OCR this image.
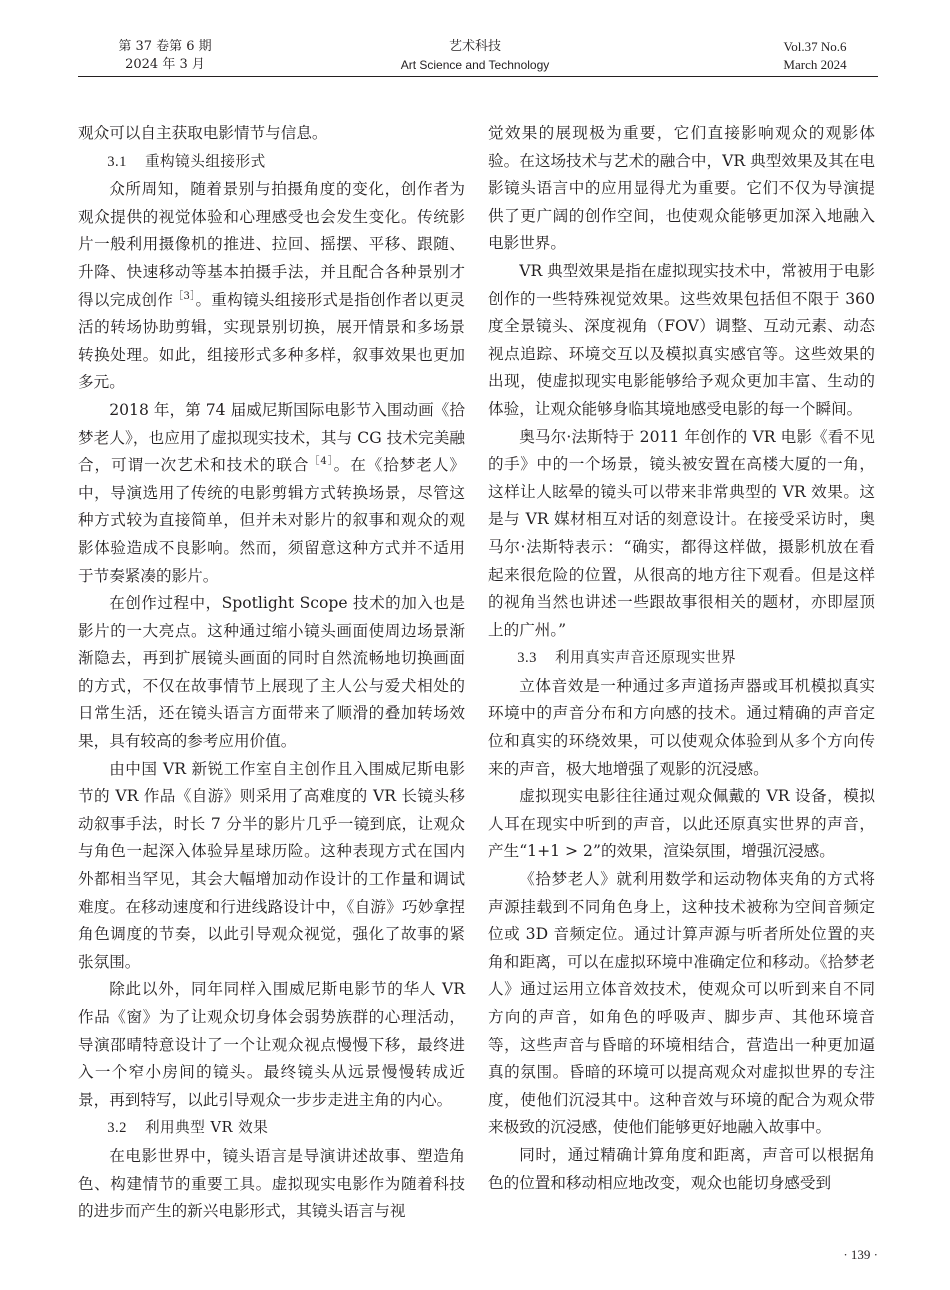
第 37 卷第 6 期
2024 年 3 月
艺术科技
Art Science and Technology
Vol.37 No.6
March 2024

观众可以自主获取电影情节与信息。

3.1 重构镜头组接形式

众所周知，随着景别与拍摄角度的变化，创作者为观众提供的视觉体验和心理感受也会发生变化。传统影片一般利用摄像机的推进、拉回、摇摆、平移、跟随、升降、快速移动等基本拍摄手法，并且配合各种景别才得以完成创作$^{[3]}$。重构镜头组接形式是指创作者以更灵活的转场协助剪辑，实现景别切换，展开情景和多场景转换处理。如此，组接形式多种多样，叙事效果也更加多元。

2018 年，第 74 届威尼斯国际电影节入围动画《拾梦老人》，也应用了虚拟现实技术，其与 CG 技术完美融合，可谓一次艺术和技术的联合$^{[4]}$。在《拾梦老人》中，导演选用了传统的电影剪辑方式转换场景，尽管这种方式较为直接简单，但并未对影片的叙事和观众的观影体验造成不良影响。然而，须留意这种方式并不适用于节奏紧凑的影片。

在创作过程中，Spotlight Scope 技术的加入也是影片的一大亮点。这种通过缩小镜头画面使周边场景渐渐隐去，再到扩展镜头画面的同时自然流畅地切换画面的方式，不仅在故事情节上展现了主人公与爱犬相处的日常生活，还在镜头语言方面带来了顺滑的叠加转场效果，具有较高的参考应用价值。

由中国 VR 新锐工作室自主创作且入围威尼斯电影节的 VR 作品《自游》则采用了高难度的 VR 长镜头移动叙事手法，时长 7 分半的影片几乎一镜到底，让观众与角色一起深入体验异星球历险。这种表现方式在国内外都相当罕见，其会大幅增加动作设计的工作量和调试难度。在移动速度和行进线路设计中，《自游》巧妙拿捏角色调度的节奏，以此引导观众视觉，强化了故事的紧张氛围。

除此以外，同年同样入围威尼斯电影节的华人 VR 作品《窗》为了让观众切身体会弱势族群的心理活动，导演邵晴特意设计了一个让观众视点慢慢下移，最终进入一个窄小房间的镜头。最终镜头从远景慢慢转成近景，再到特写，以此引导观众一步步走进主角的内心。

3.2 利用典型 VR 效果

在电影世界中，镜头语言是导演讲述故事、塑造角色、构建情节的重要工具。虚拟现实电影作为随着科技的进步而产生的新兴电影形式，其镜头语言与视

觉效果的展现极为重要，它们直接影响观众的观影体验。在这场技术与艺术的融合中，VR 典型效果及其在电影镜头语言中的应用显得尤为重要。它们不仅为导演提供了更广阔的创作空间，也使观众能够更加深入地融入电影世界。

VR 典型效果是指在虚拟现实技术中，常被用于电影创作的一些特殊视觉效果。这些效果包括但不限于 360 度全景镜头、深度视角（FOV）调整、互动元素、动态视点追踪、环境交互以及模拟真实感官等。这些效果的出现，使虚拟现实电影能够给予观众更加丰富、生动的体验，让观众能够身临其境地感受电影的每一个瞬间。

奥马尔·法斯特于 2011 年创作的 VR 电影《看不见的手》中的一个场景，镜头被安置在高楼大厦的一角，这样让人眩晕的镜头可以带来非常典型的 VR 效果。这是与 VR 媒材相互对话的刻意设计。在接受采访时，奥马尔·法斯特表示：“确实，都得这样做，摄影机放在看起来很危险的位置，从很高的地方往下观看。但是这样的视角当然也讲述一些跟故事很相关的题材，亦即屋顶上的广州。”

3.3 利用真实声音还原现实世界

立体音效是一种通过多声道扬声器或耳机模拟真实环境中的声音分布和方向感的技术。通过精确的声音定位和真实的环绕效果，可以使观众体验到从多个方向传来的声音，极大地增强了观影的沉浸感。

虚拟现实电影往往通过观众佩戴的 VR 设备，模拟人耳在现实中听到的声音，以此还原真实世界的声音，产生“1+1 > 2”的效果，渲染氛围，增强沉浸感。

《拾梦老人》就利用数学和运动物体夹角的方式将声源挂载到不同角色身上，这种技术被称为空间音频定位或 3D 音频定位。通过计算声源与听者所处位置的夹角和距离，可以在虚拟环境中准确定位和移动。《拾梦老人》通过运用立体音效技术，使观众可以听到来自不同方向的声音，如角色的呼吸声、脚步声、其他环境音等，这些声音与昏暗的环境相结合，营造出一种更加逼真的氛围。昏暗的环境可以提高观众对虚拟世界的专注度，使他们沉浸其中。这种音效与环境的配合为观众带来极致的沉浸感，使他们能够更好地融入故事中。

同时，通过精确计算角度和距离，声音可以根据角色的位置和移动相应地改变，观众也能切身感受到

· 139 ·
